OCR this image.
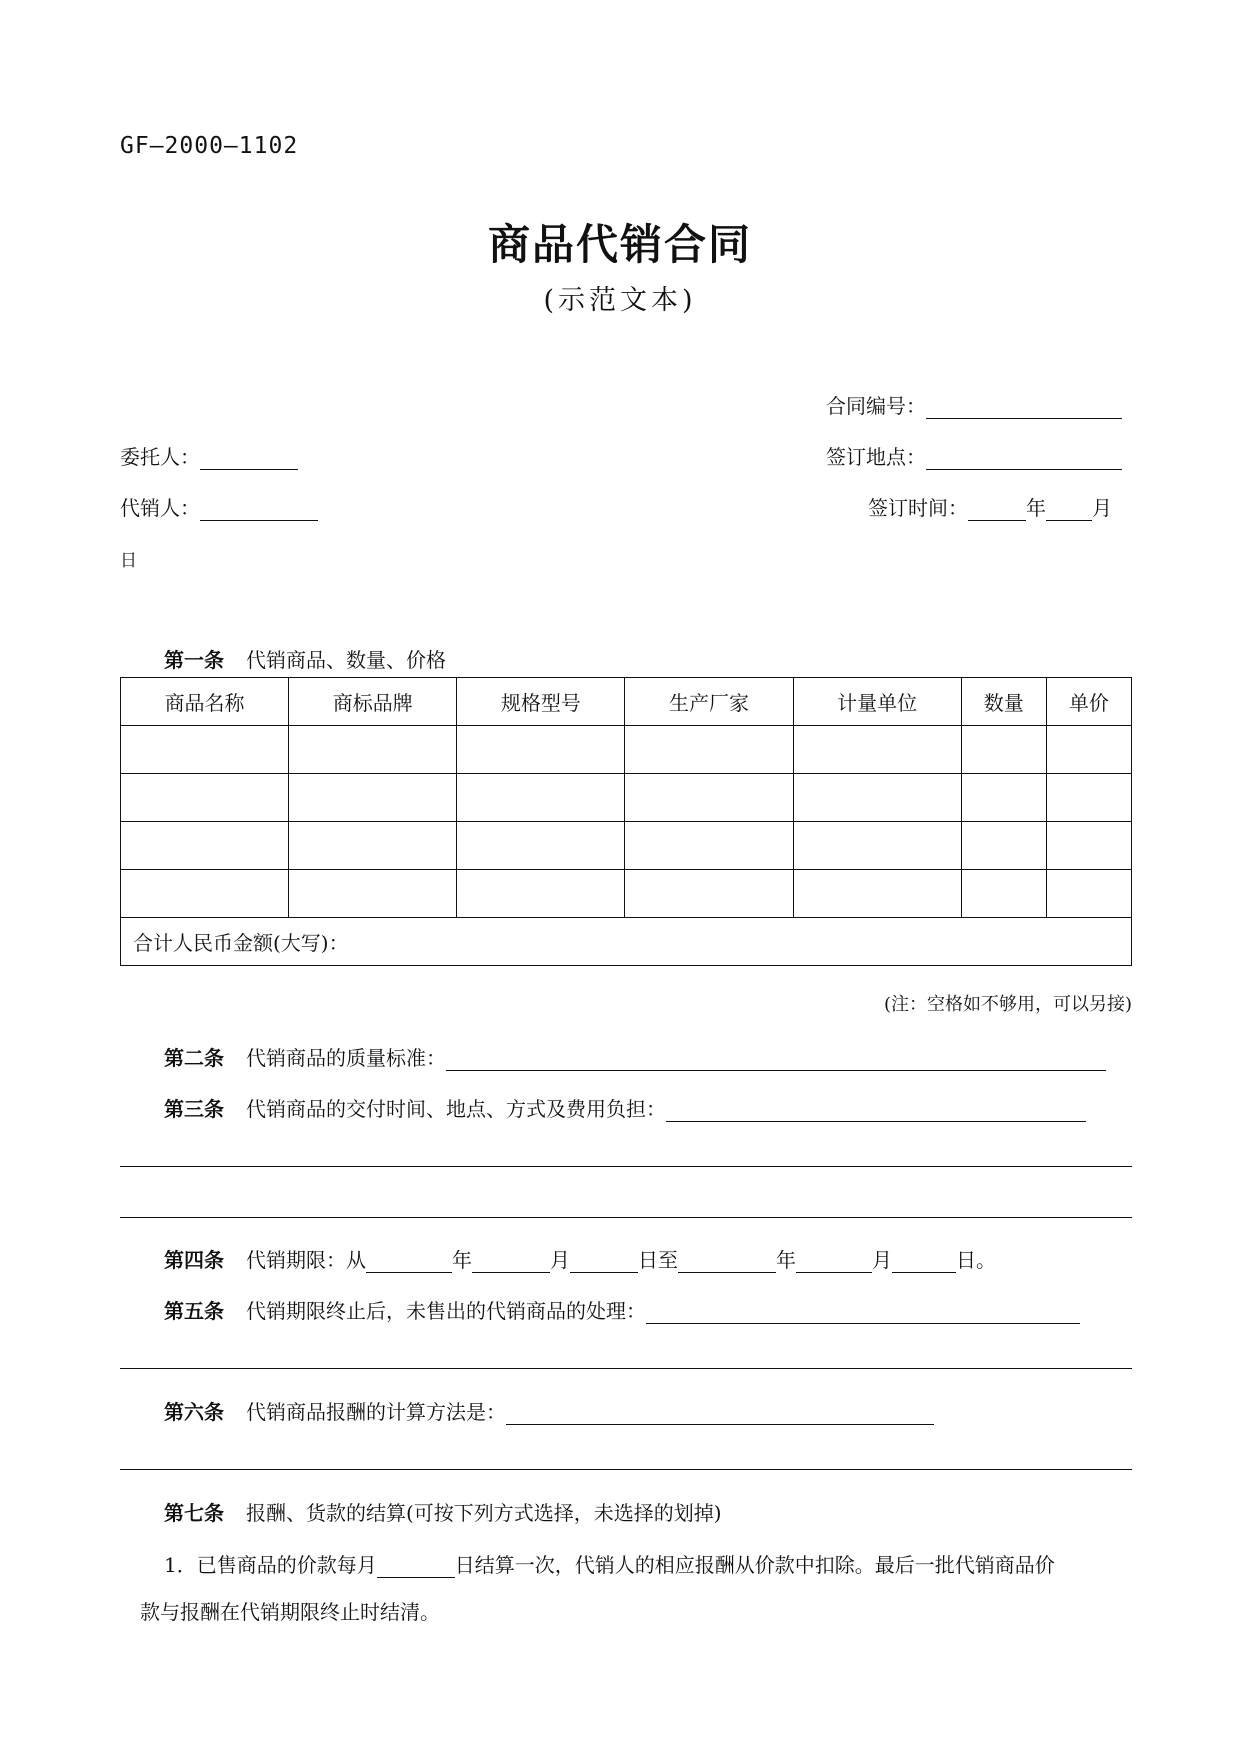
GF—2000—1102
商品代销合同
(示范文本)
合同编号：
委托人：	签订地点：
代销人：	签订时间：	年 月
日
第一条 代销商品、数量、价格
商品名称	商标品牌	规格型号	生产厂家	计量单位	数量	单价

合计人民币金额(大写)：						
(注：空格如不够用，可以另接)
第二条 代销商品的质量标准：
第三条 代销商品的交付时间、地点、方式及费用负担：
第四条 代销期限：从	年	月	日至	年	月	日。
第五条 代销期限终止后，未售出的代销商品的处理：
第六条 代销商品报酬的计算方法是：
第七条 报酬、货款的结算(可按下列方式选择，未选择的划掉)
1．已售商品的价款每月	日结算一次，代销人的相应报酬从价款中扣除。最后一批代销商品价
款与报酬在代销期限终止时结清。
